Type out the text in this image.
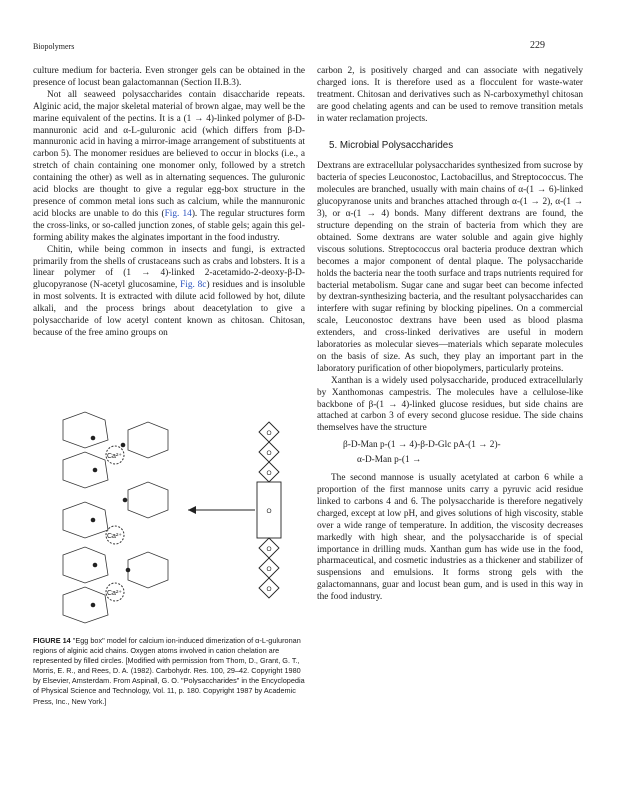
Biopolymers	229

culture medium for bacteria. Even stronger gels can be obtained in the presence of locust bean galactomannan (Section II.B.3).

Not all seaweed polysaccharides contain disaccharide repeats. Alginic acid, the major skeletal material of brown algae, may well be the marine equivalent of the pectins. It is a (1 → 4)-linked polymer of β-D-mannuronic acid and α-L-guluronic acid (which differs from β-D-mannuronic acid in having a mirror-image arrangement of substituents at carbon 5). The monomer residues are believed to occur in blocks (i.e., a stretch of chain containing one monomer only, followed by a stretch containing the other) as well as in alternating sequences. The guluronic acid blocks are thought to give a regular egg-box structure in the presence of common metal ions such as calcium, while the mannuronic acid blocks are unable to do this (Fig. 14). The regular structures form the cross-links, or so-called junction zones, of stable gels; again this gel-forming ability makes the alginates important in the food industry.

Chitin, while being common in insects and fungi, is extracted primarily from the shells of crustaceans such as crabs and lobsters. It is a linear polymer of (1 → 4)-linked 2-acetamido-2-deoxy-β-D-glucopyranose (N-acetyl glucosamine, Fig. 8c) residues and is insoluble in most solvents. It is extracted with dilute acid followed by hot, dilute alkali, and the process brings about deacetylation to give a polysaccharide of low acetyl content known as chitosan. Chitosan, because of the free amino groups on

carbon 2, is positively charged and can associate with negatively charged ions. It is therefore used as a flocculent for waste-water treatment. Chitosan and derivatives such as N-carboxymethyl chitosan are good chelating agents and can be used to remove transition metals in water reclamation projects.

5. Microbial Polysaccharides

Dextrans are extracellular polysaccharides synthesized from sucrose by bacteria of species Leuconostoc, Lactobacillus, and Streptococcus. The molecules are branched, usually with main chains of α-(1 → 6)-linked glucopyranose units and branches attached through α-(1 → 2), α-(1 → 3), or α-(1 → 4) bonds. Many different dextrans are found, the structure depending on the strain of bacteria from which they are obtained. Some dextrans are water soluble and again give highly viscous solutions. Streptococcus oral bacteria produce dextran which becomes a major component of dental plaque. The polysaccharide holds the bacteria near the tooth surface and traps nutrients required for bacterial metabolism. Sugar cane and sugar beet can become infected by dextran-synthesizing bacteria, and the resultant polysaccharides can interfere with sugar refining by blocking pipelines. On a commercial scale, Leuconostoc dextrans have been used as blood plasma extenders, and cross-linked derivatives are useful in modern laboratories as molecular sieves—materials which separate molecules on the basis of size. As such, they play an important part in the laboratory purification of other biopolymers, particularly proteins.

Xanthan is a widely used polysaccharide, produced extracellularly by Xanthomonas campestris. The molecules have a cellulose-like backbone of β-(1 → 4)-linked glucose residues, but side chains are attached at carbon 3 of every second glucose residue. The side chains themselves have the structure

β-D-Man p-(1 → 4)-β-D-Glc pA-(1 → 2)-

α-D-Man p-(1 →

The second mannose is usually acetylated at carbon 6 while a proportion of the first mannose units carry a pyruvic acid residue linked to carbons 4 and 6. The polysaccharide is therefore negatively charged, except at low pH, and gives solutions of high viscosity, stable over a wide range of temperature. In addition, the viscosity decreases markedly with high shear, and the polysaccharide is of special importance in drilling muds. Xanthan gum has wide use in the food, pharmaceutical, and cosmetic industries as a thickener and stabilizer of suspensions and emulsions. It forms strong gels with the galactomannans, guar and locust bean gum, and is used in this way in the food industry.

Ca²⁺
Ca²⁺
Ca²⁺
O
O
O
O
O
O
O
FIGURE 14 "Egg box" model for calcium ion-induced dimerization of α-L-guluronan regions of alginic acid chains. Oxygen atoms involved in cation chelation are represented by filled circles. [Modified with permission from Thom, D., Grant, G. T., Morris, E. R., and Rees, D. A. (1982). Carbohydr. Res. 100, 29–42. Copyright 1980 by Elsevier, Amsterdam. From Aspinall, G. O. "Polysaccharides" in the Encyclopedia of Physical Science and Technology, Vol. 11, p. 180. Copyright 1987 by Academic Press, Inc., New York.]
